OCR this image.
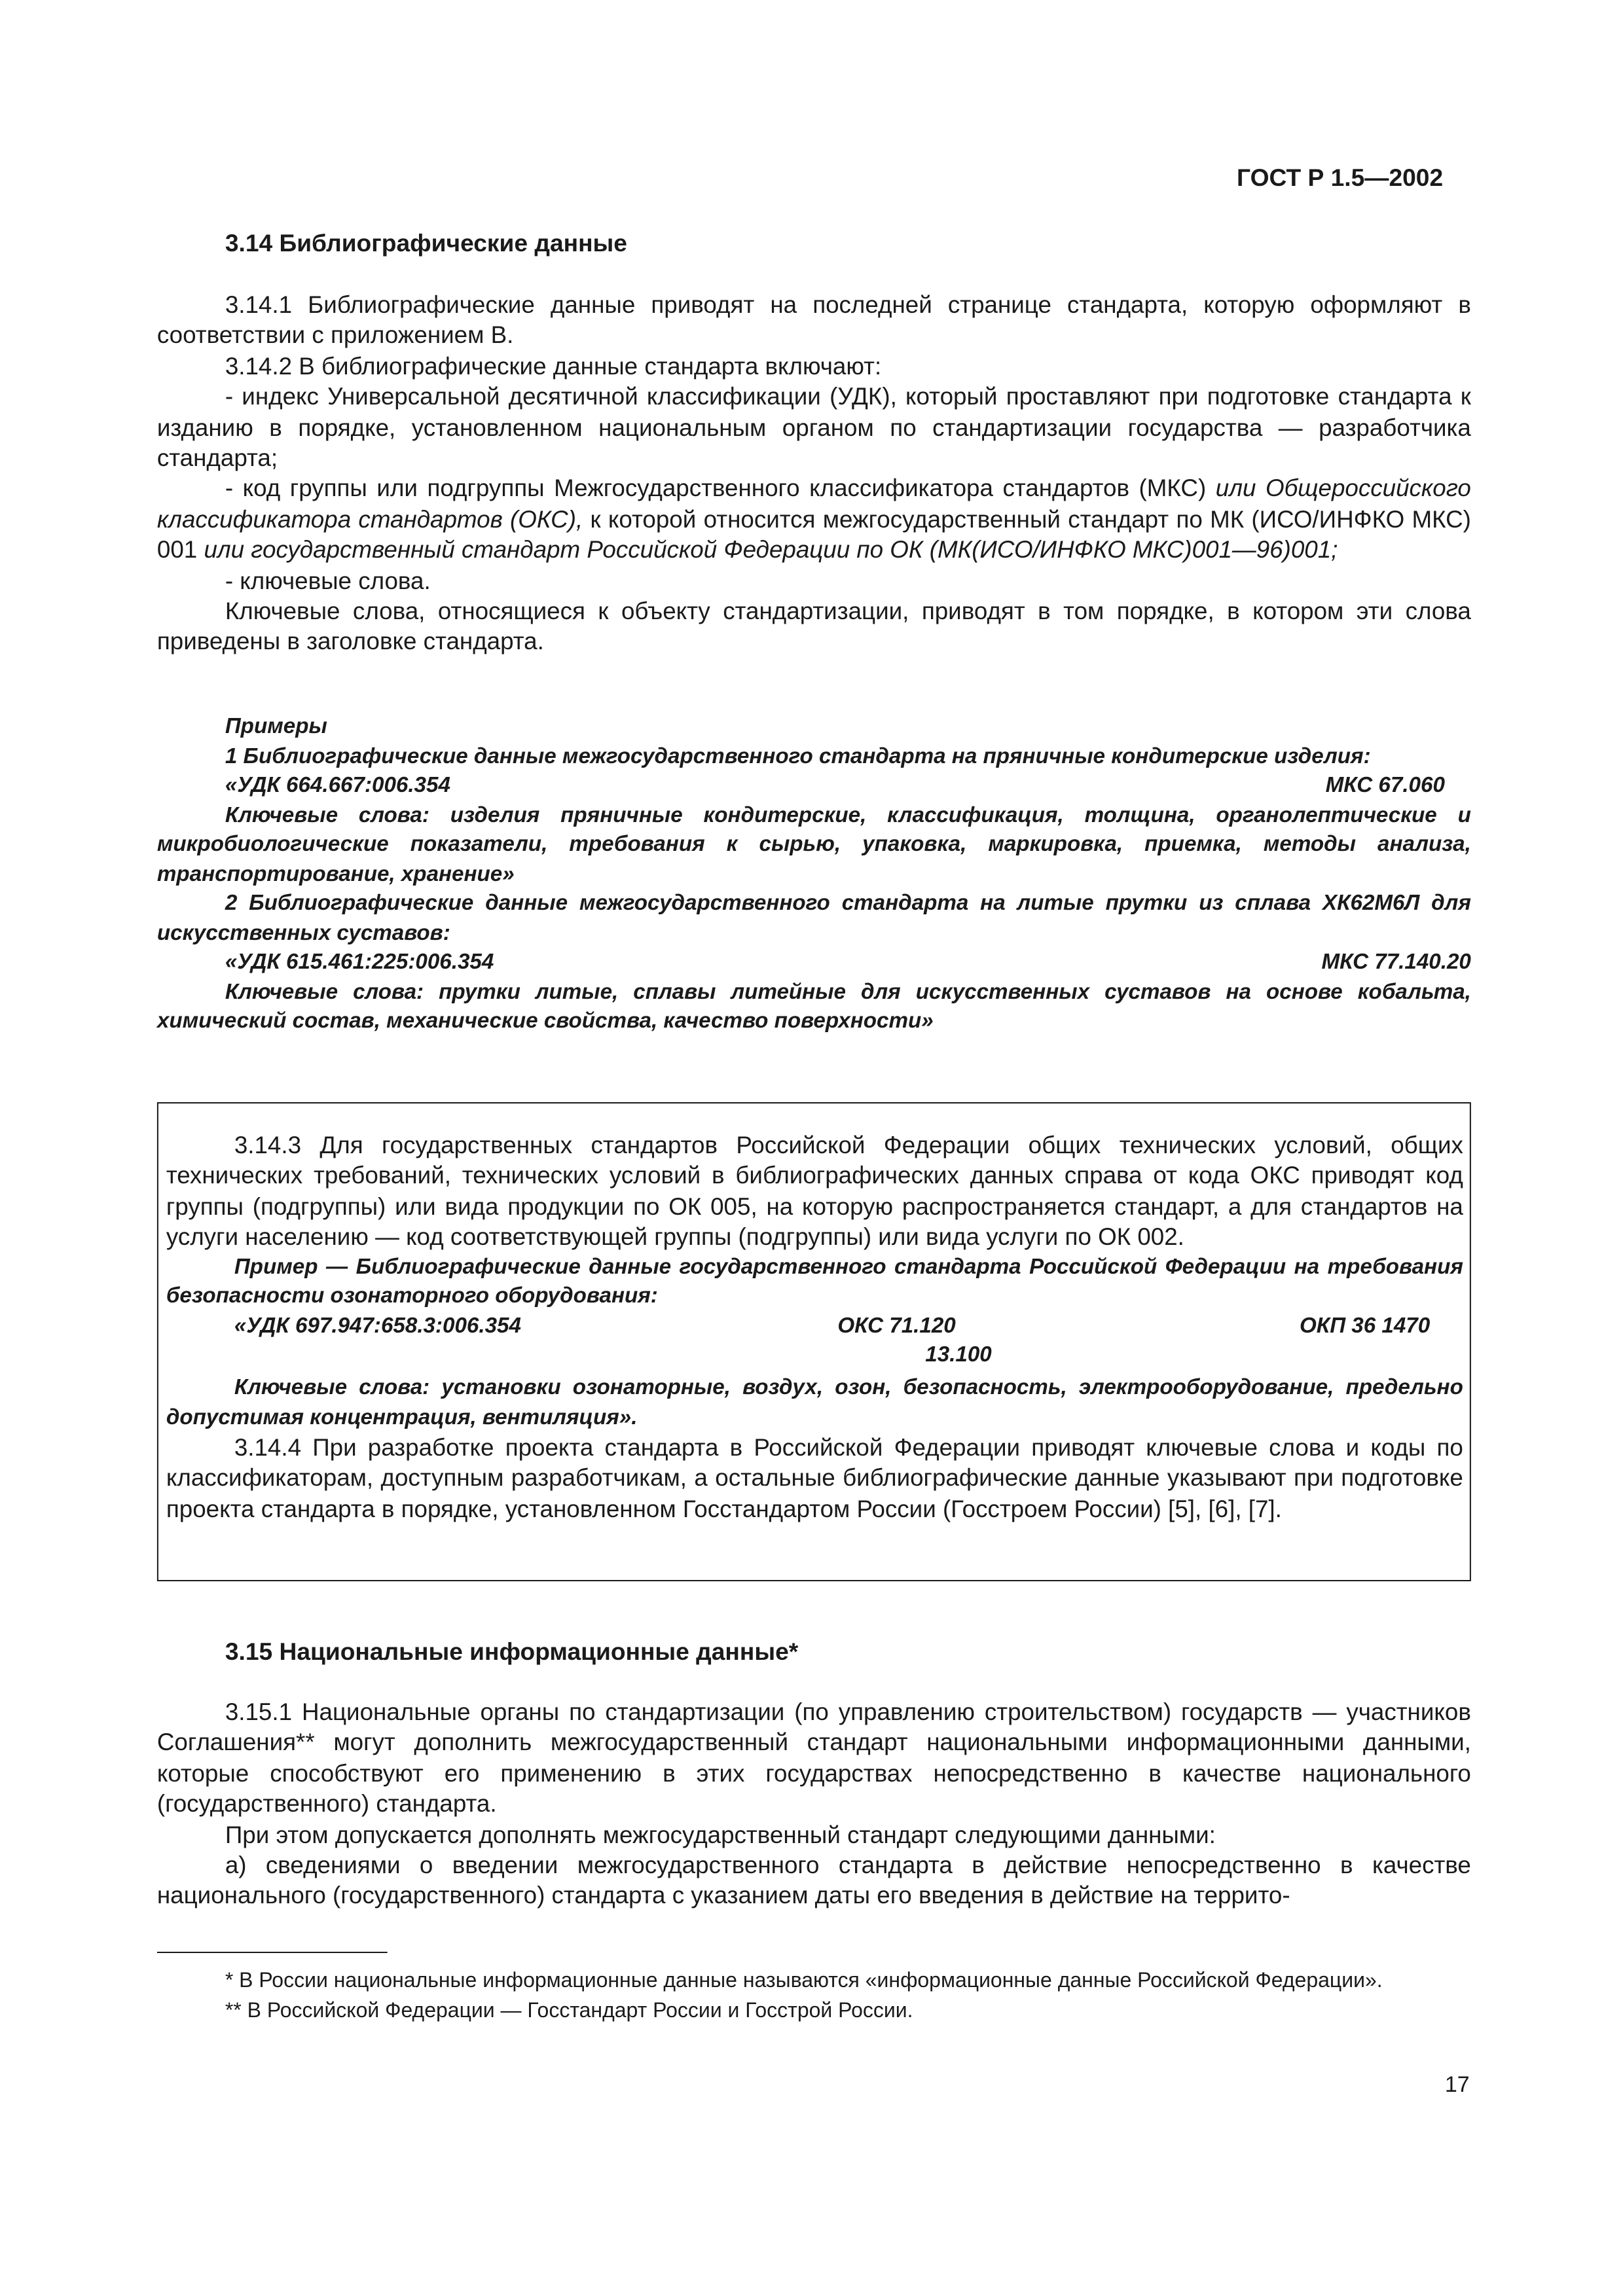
ГОСТ Р 1.5—2002
3.14 Библиографические данные

3.14.1 Библиографические данные приводят на последней странице стандарта, которую оформляют в соответствии с приложением В.

3.14.2 В библиографические данные стандарта включают:

- индекс Универсальной десятичной классификации (УДК), который проставляют при подготовке стандарта к изданию в порядке, установленном национальным органом по стандартизации государства — разработчика стандарта;

- код группы или подгруппы Межгосударственного классификатора стандартов (МКС) или Общероссийского классификатора стандартов (ОКС), к которой относится межгосударственный стандарт по МК (ИСО/ИНФКО МКС) 001 или государственный стандарт Российской Федерации по ОК (МК(ИСО/ИНФКО МКС)001—96)001;

- ключевые слова.

Ключевые слова, относящиеся к объекту стандартизации, приводят в том порядке, в котором эти слова приведены в заголовке стандарта.

Примеры

1 Библиографические данные межгосударственного стандарта на пряничные кондитерские изделия:

«УДК 664.667:006.354	МКС 67.060

Ключевые слова: изделия пряничные кондитерские, классификация, толщина, органолептические и микробиологические показатели, требования к сырью, упаковка, маркировка, приемка, методы анализа, транспортирование, хранение»

2 Библиографические данные межгосударственного стандарта на литые прутки из сплава ХК62М6Л для искусственных суставов:

«УДК 615.461:225:006.354	МКС 77.140.20

Ключевые слова: прутки литые, сплавы литейные для искусственных суставов на основе кобальта, химический состав, механические свойства, качество поверхности»

3.14.3 Для государственных стандартов Российской Федерации общих технических условий, общих технических требований, технических условий в библиографических данных справа от кода ОКС приводят код группы (подгруппы) или вида продукции по ОК 005, на которую распространяется стандарт, а для стандартов на услуги населению — код соответствующей группы (подгруппы) или вида услуги по ОК 002.

Пример — Библиографические данные государственного стандарта Российской Федерации на требования безопасности озонаторного оборудования:

«УДК 697.947:658.3:006.354	ОКС 71.120
13.100
ОКП 36 1470

Ключевые слова: установки озонаторные, воздух, озон, безопасность, электрооборудование, предельно допустимая концентрация, вентиляция».

3.14.4 При разработке проекта стандарта в Российской Федерации приводят ключевые слова и коды по классификаторам, доступным разработчикам, а остальные библиографические данные указывают при подготовке проекта стандарта в порядке, установленном Госстандартом России (Госстроем России) [5], [6], [7].

3.15 Национальные информационные данные*

3.15.1 Национальные органы по стандартизации (по управлению строительством) государств — участников Соглашения** могут дополнить межгосударственный стандарт национальными информационными данными, которые способствуют его применению в этих государствах непосредственно в качестве национального (государственного) стандарта.

При этом допускается дополнять межгосударственный стандарт следующими данными:

а) сведениями о введении межгосударственного стандарта в действие непосредственно в качестве национального (государственного) стандарта с указанием даты его введения в действие на террито-

* В России национальные информационные данные называются «информационные данные Российской Федерации».

** В Российской Федерации — Госстандарт России и Госстрой России.

17
